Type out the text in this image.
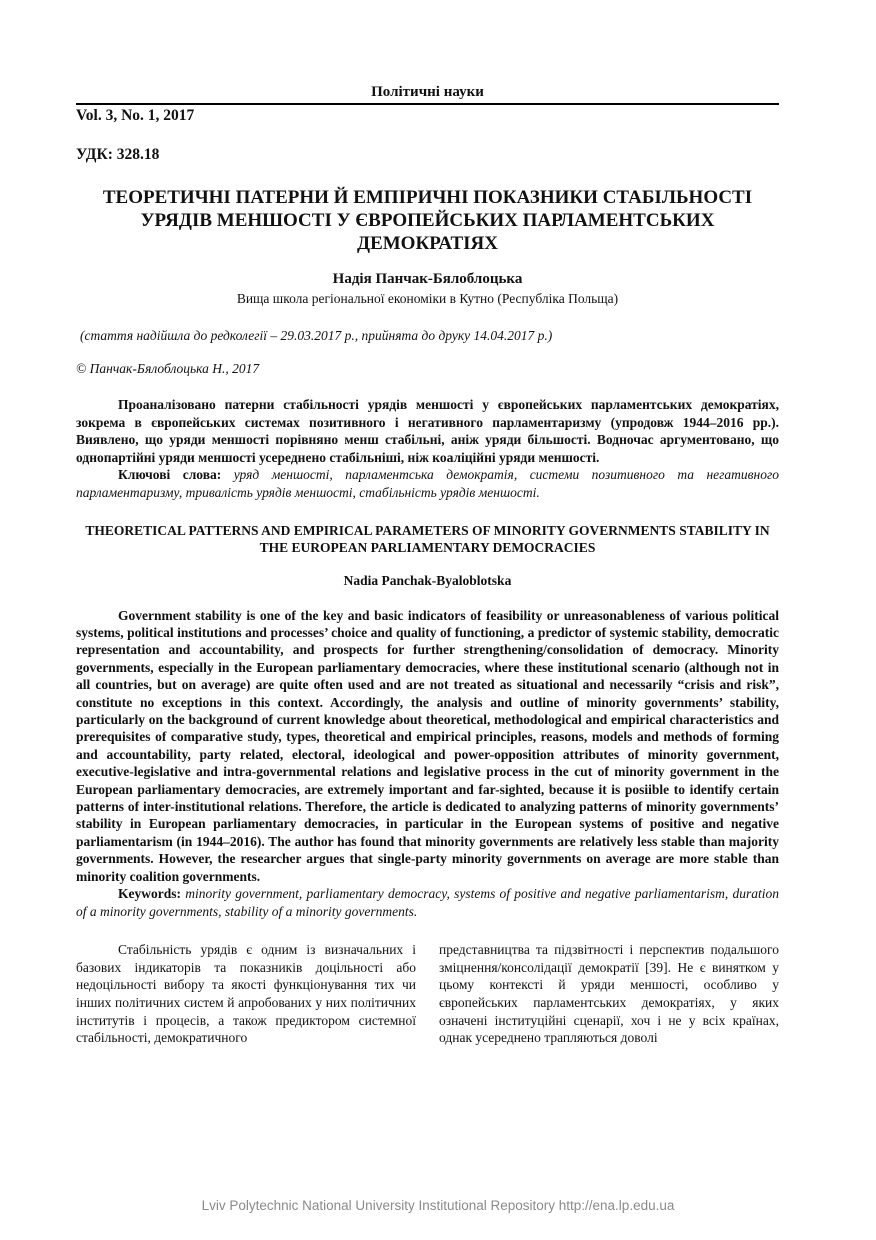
Політичні науки

Vol. 3, No. 1, 2017

УДК: 328.18

ТЕОРЕТИЧНІ ПАТЕРНИ Й ЕМПІРИЧНІ ПОКАЗНИКИ СТАБІЛЬНОСТІ УРЯДІВ МЕНШОСТІ У ЄВРОПЕЙСЬКИХ ПАРЛАМЕНТСЬКИХ ДЕМОКРАТІЯХ

Надія Панчак-Бялоблоцька

Вища школа регіональної економіки в Кутно (Республіка Польща)

(стаття надійшла до редколегії – 29.03.2017 р., прийнята до друку 14.04.2017 р.)

© Панчак-Бялоблоцька Н., 2017

Проаналізовано патерни стабільності урядів меншості у європейських парламентських демократіях, зокрема в європейських системах позитивного і негативного парламентаризму (упродовж 1944–2016 рр.). Виявлено, що уряди меншості порівняно менш стабільні, аніж уряди більшості. Водночас аргументовано, що однопартійні уряди меншості усереднено стабільніші, ніж коаліційні уряди меншості.

Ключові слова: уряд меншості, парламентська демократія, системи позитивного та негативного парламентаризму, тривалість урядів меншості, стабільність урядів меншості.

THEORETICAL PATTERNS AND EMPIRICAL PARAMETERS OF MINORITY GOVERNMENTS STABILITY IN THE EUROPEAN PARLIAMENTARY DEMOCRACIES

Nadia Panchak-Byaloblotska

Government stability is one of the key and basic indicators of feasibility or unreasonableness of various political systems, political institutions and processes’ choice and quality of functioning, a predictor of systemic stability, democratic representation and accountability, and prospects for further strengthening/consolidation of democracy. Minority governments, especially in the European parliamentary democracies, where these institutional scenario (although not in all countries, but on average) are quite often used and are not treated as situational and necessarily “crisis and risk”, constitute no exceptions in this context. Accordingly, the analysis and outline of minority governments’ stability, particularly on the background of current knowledge about theoretical, methodological and empirical characteristics and prerequisites of comparative study, types, theoretical and empirical principles, reasons, models and methods of forming and accountability, party related, electoral, ideological and power-opposition attributes of minority government, executive-legislative and intra-governmental relations and legislative process in the cut of minority government in the European parliamentary democracies, are extremely important and far-sighted, because it is posiible to identify certain patterns of inter-institutional relations. Therefore, the article is dedicated to analyzing patterns of minority governments’ stability in European parliamentary democracies, in particular in the European systems of positive and negative parliamentarism (in 1944–2016). The author has found that minority governments are relatively less stable than majority governments. However, the researcher argues that single-party minority governments on average are more stable than minority coalition governments.

Keywords: minority government, parliamentary democracy, systems of positive and negative parliamentarism, duration of a minority governments, stability of a minority governments.

Стабільність урядів є одним із визначальних і базових індикаторів та показників доцільності або недоцільності вибору та якості функціонування тих чи інших політичних систем й апробованих у них політичних інститутів і процесів, а також предиктором системної стабільності, демократичного

представництва та підзвітності і перспектив подальшого зміцнення/консолідації демократії [39]. Не є винятком у цьому контексті й уряди меншості, особливо у європейських парламентських демократіях, у яких означені інституційні сценарії, хоч і не у всіх країнах, однак усереднено трапляються доволі

Lviv Polytechnic National University Institutional Repository http://ena.lp.edu.ua
